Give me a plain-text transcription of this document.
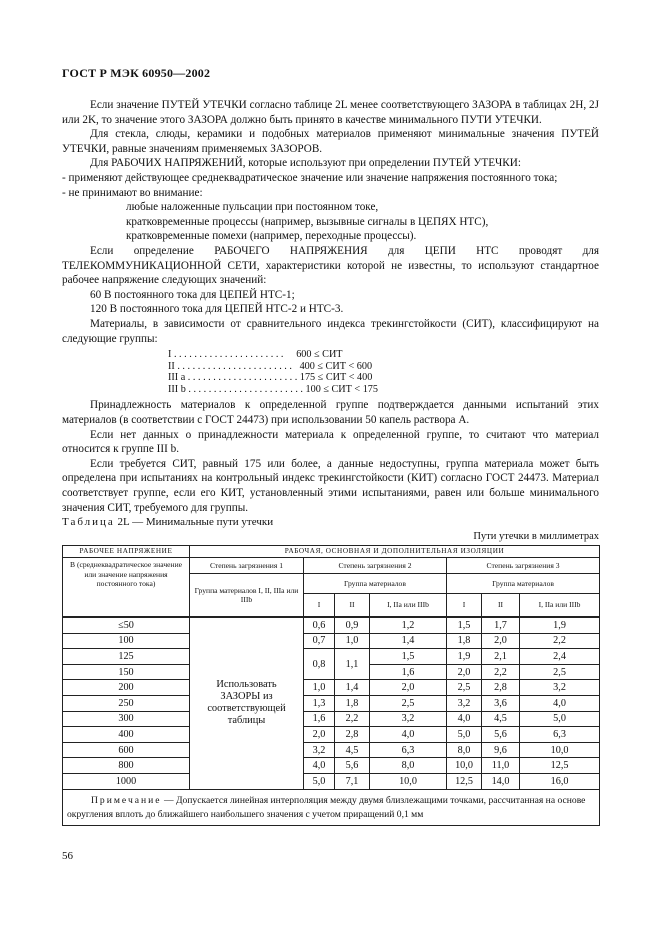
ГОСТ Р МЭК 60950—2002

Если значение ПУТЕЙ УТЕЧКИ согласно таблице 2L менее соответствующего ЗАЗОРА в таблицах 2Н, 2J или 2K, то значение этого ЗАЗОРА должно быть принято в качестве минимального ПУТИ УТЕЧКИ.

Для стекла, слюды, керамики и подобных материалов применяют минимальные значения ПУТЕЙ УТЕЧКИ, равные значениям применяемых ЗАЗОРОВ.

Для РАБОЧИХ НАПРЯЖЕНИЙ, которые используют при определении ПУТЕЙ УТЕЧКИ:

- применяют действующее среднеквадратическое значение или значение напряжения постоянного тока;

- не принимают во внимание:

любые наложенные пульсации при постоянном токе,

кратковременные процессы (например, вызывные сигналы в ЦЕПЯХ НТС),

кратковременные помехи (например, переходные процессы).

Если определение РАБОЧЕГО НАПРЯЖЕНИЯ для ЦЕПИ НТС проводят для ТЕЛЕКОММУНИКАЦИОННОЙ СЕТИ, характеристики которой не известны, то используют стандартное рабочее напряжение следующих значений:

60 В постоянного тока для ЦЕПЕЙ НТС-1;

120 В постоянного тока для ЦЕПЕЙ НТС-2 и НТС-3.

Материалы, в зависимости от сравнительного индекса трекингстойкости (СИТ), классифицируют на следующие группы:

I . . . . . . . . . . . . . . . . . . . . . .     600 ≤ СИТ
II . . . . . . . . . . . . . . . . . . . . . . .   400 ≤ СИТ < 600
III a . . . . . . . . . . . . . . . . . . . . . . 175 ≤ СИТ < 400
III b . . . . . . . . . . . . . . . . . . . . . . . 100 ≤ СИТ < 175

Принадлежность материалов к определенной группе подтверждается данными испытаний этих материалов (в соответствии с ГОСТ 24473) при использовании 50 капель раствора А.

Если нет данных о принадлежности материала к определенной группе, то считают что материал относится к группе III b.

Если требуется СИТ, равный 175 или более, а данные недоступны, группа материала может быть определена при испытаниях на контрольный индекс трекингстойкости (КИТ) согласно ГОСТ 24473. Материал соответствует группе, если его КИТ, установленный этими испытаниями, равен или больше минимального значения СИТ, требуемого для группы.

Таблица 2L — Минимальные пути утечки
Пути утечки в миллиметрах
РАБОЧЕЕ НАПРЯЖЕНИЕ	РАБОЧАЯ, ОСНОВНАЯ И ДОПОЛНИТЕЛЬНАЯ ИЗОЛЯЦИИ						
В (среднеквадратическое значение или значение напряжения постоянного тока)	Степень загрязнения 1	Степень загрязнения 2			Степень загрязнения 3		
	Группа материалов I, II, IIIa или IIIb	Группа материалов			Группа материалов		
		I	II	I, IIa или IIIb	I	II	I, IIa или IIIb
≤50	Использовать ЗАЗОРЫ из соответствующей таблицы	0,6	0,9	1,2	1,5	1,7	1,9
100		0,7	1,0	1,4	1,8	2,0	2,2
125		0,8	1,1	1,5	1,9	2,1	2,4
150				1,6	2,0	2,2	2,5
200		1,0	1,4	2,0	2,5	2,8	3,2
250		1,3	1,8	2,5	3,2	3,6	4,0
300		1,6	2,2	3,2	4,0	4,5	5,0
400		2,0	2,8	4,0	5,0	5,6	6,3
600		3,2	4,5	6,3	8,0	9,6	10,0
800		4,0	5,6	8,0	10,0	11,0	12,5
1000		5,0	7,1	10,0	12,5	14,0	16,0
Примечание — Допускается линейная интерполяция между двумя близлежащими точками, рассчитанная на основе округления вплоть до ближайшего наибольшего значения с учетом приращений 0,1 мм							
56
